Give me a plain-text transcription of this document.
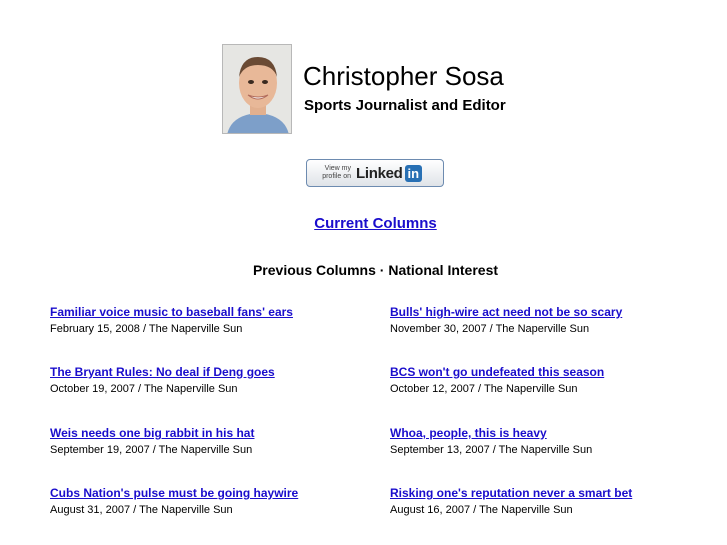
Christopher Sosa
Sports Journalist and Editor
View my
profile on Linked in
Current Columns
Previous Columns · National Interest
Familiar voice music to baseball fans' ears
February 15, 2008 / The Naperville Sun
Bulls' high-wire act need not be so scary
November 30, 2007 / The Naperville Sun
The Bryant Rules: No deal if Deng goes
October 19, 2007 / The Naperville Sun
BCS won't go undefeated this season
October 12, 2007 / The Naperville Sun
Weis needs one big rabbit in his hat
September 19, 2007 / The Naperville Sun
Whoa, people, this is heavy
September 13, 2007 / The Naperville Sun
Cubs Nation's pulse must be going haywire
August 31, 2007 / The Naperville Sun
Risking one's reputation never a smart bet
August 16, 2007 / The Naperville Sun
